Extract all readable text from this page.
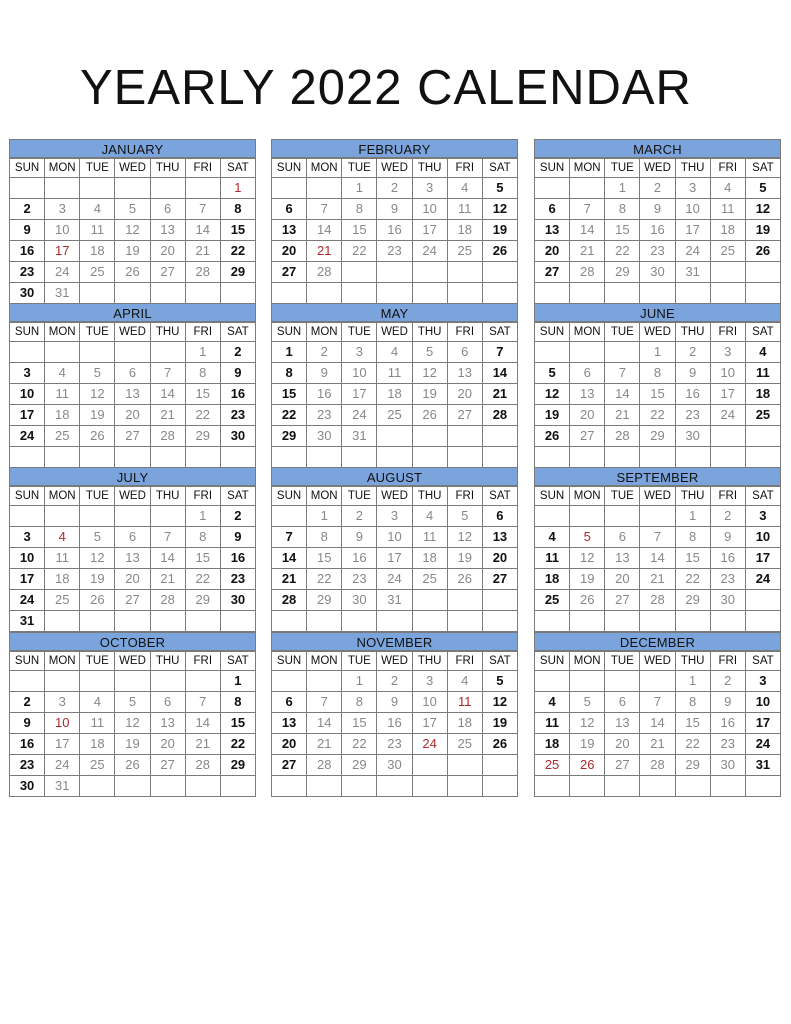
YEARLY 2022 CALENDAR
JANUARY
SUN	MON	TUE	WED	THU	FRI	SAT
						1
2	3	4	5	6	7	8
9	10	11	12	13	14	15
16	17	18	19	20	21	22
23	24	25	26	27	28	29
30	31					
FEBRUARY
SUN	MON	TUE	WED	THU	FRI	SAT
		1	2	3	4	5
6	7	8	9	10	11	12
13	14	15	16	17	18	19
20	21	22	23	24	25	26
27	28					

MARCH
SUN	MON	TUE	WED	THU	FRI	SAT
		1	2	3	4	5
6	7	8	9	10	11	12
13	14	15	16	17	18	19
20	21	22	23	24	25	26
27	28	29	30	31		

APRIL
SUN	MON	TUE	WED	THU	FRI	SAT
					1	2
3	4	5	6	7	8	9
10	11	12	13	14	15	16
17	18	19	20	21	22	23
24	25	26	27	28	29	30

MAY
SUN	MON	TUE	WED	THU	FRI	SAT
1	2	3	4	5	6	7
8	9	10	11	12	13	14
15	16	17	18	19	20	21
22	23	24	25	26	27	28
29	30	31				

JUNE
SUN	MON	TUE	WED	THU	FRI	SAT
			1	2	3	4
5	6	7	8	9	10	11
12	13	14	15	16	17	18
19	20	21	22	23	24	25
26	27	28	29	30		

JULY
SUN	MON	TUE	WED	THU	FRI	SAT
					1	2
3	4	5	6	7	8	9
10	11	12	13	14	15	16
17	18	19	20	21	22	23
24	25	26	27	28	29	30
31						
AUGUST
SUN	MON	TUE	WED	THU	FRI	SAT
	1	2	3	4	5	6
7	8	9	10	11	12	13
14	15	16	17	18	19	20
21	22	23	24	25	26	27
28	29	30	31			

SEPTEMBER
SUN	MON	TUE	WED	THU	FRI	SAT
				1	2	3
4	5	6	7	8	9	10
11	12	13	14	15	16	17
18	19	20	21	22	23	24
25	26	27	28	29	30	

OCTOBER
SUN	MON	TUE	WED	THU	FRI	SAT
						1
2	3	4	5	6	7	8
9	10	11	12	13	14	15
16	17	18	19	20	21	22
23	24	25	26	27	28	29
30	31					
NOVEMBER
SUN	MON	TUE	WED	THU	FRI	SAT
		1	2	3	4	5
6	7	8	9	10	11	12
13	14	15	16	17	18	19
20	21	22	23	24	25	26
27	28	29	30			

DECEMBER
SUN	MON	TUE	WED	THU	FRI	SAT
				1	2	3
4	5	6	7	8	9	10
11	12	13	14	15	16	17
18	19	20	21	22	23	24
25	26	27	28	29	30	31
